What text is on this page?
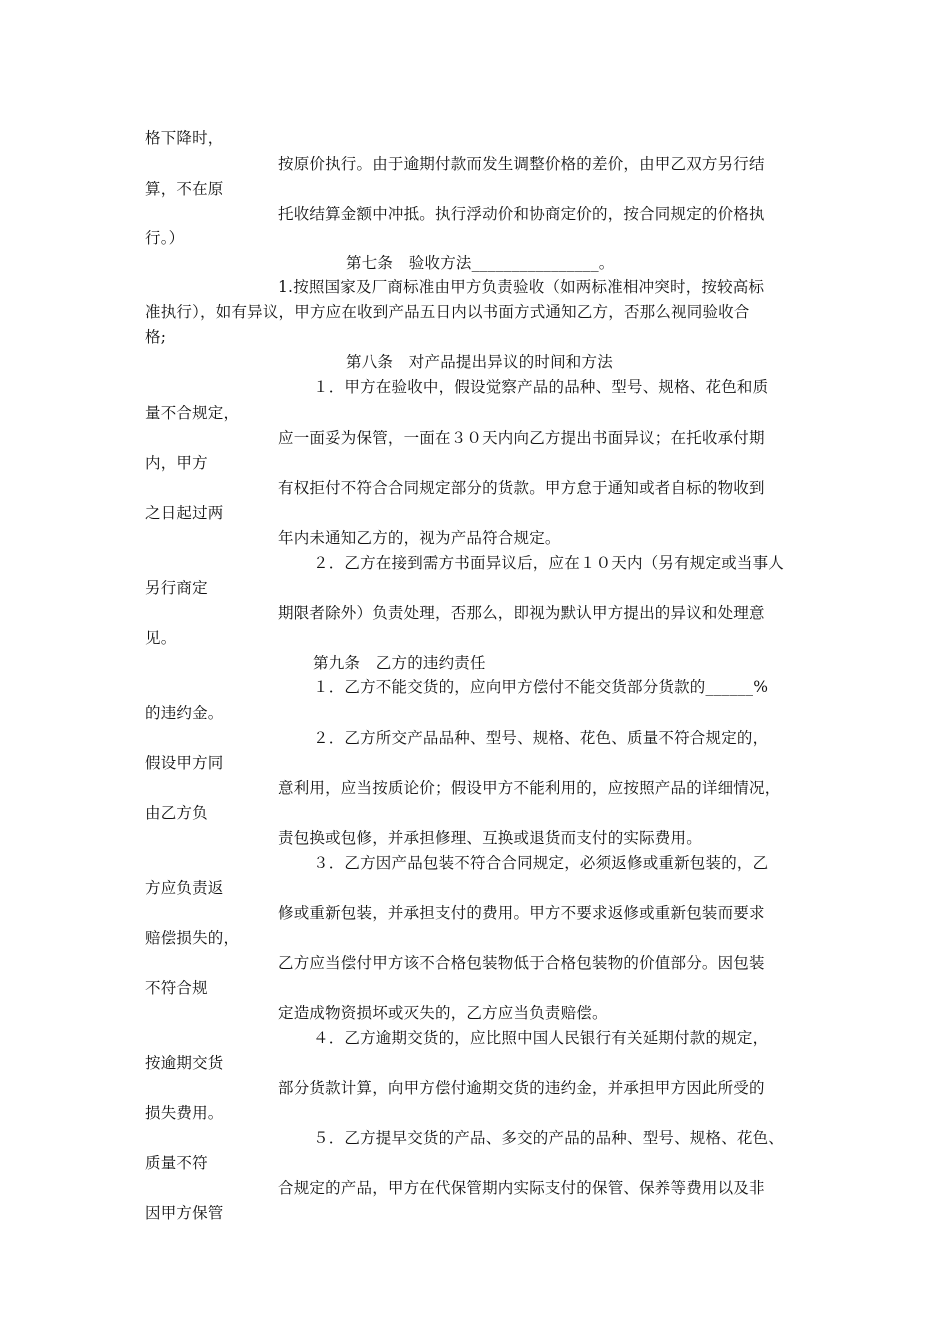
格下降时，
按原价执行。由于逾期付款而发生调整价格的差价，由甲乙双方另行结
算，不在原
托收结算金额中冲抵。执行浮动价和协商定价的，按合同规定的价格执
行。）
第七条　验收方法________________。
1.按照国家及厂商标准由甲方负责验收（如两标准相冲突时，按较高标
准执行），如有异议，甲方应在收到产品五日内以书面方式通知乙方，否那么视同验收合
格;
第八条　对产品提出异议的时间和方法
１．甲方在验收中，假设觉察产品的品种、型号、规格、花色和质
量不合规定，
应一面妥为保管，一面在３０天内向乙方提出书面异议；在托收承付期
内，甲方
有权拒付不符合合同规定部分的货款。甲方怠于通知或者自标的物收到
之日起过两
年内未通知乙方的，视为产品符合规定。
２．乙方在接到需方书面异议后，应在１０天内（另有规定或当事人
另行商定
期限者除外）负责处理，否那么，即视为默认甲方提出的异议和处理意
见。
第九条　乙方的违约责任
１．乙方不能交货的，应向甲方偿付不能交货部分货款的______%
的违约金。
２．乙方所交产品品种、型号、规格、花色、质量不符合规定的，
假设甲方同
意利用，应当按质论价；假设甲方不能利用的，应按照产品的详细情况，
由乙方负
责包换或包修，并承担修理、互换或退货而支付的实际费用。
３．乙方因产品包装不符合合同规定，必须返修或重新包装的，乙
方应负责返
修或重新包装，并承担支付的费用。甲方不要求返修或重新包装而要求
赔偿损失的，
乙方应当偿付甲方该不合格包装物低于合格包装物的价值部分。因包装
不符合规
定造成物资损坏或灭失的，乙方应当负责赔偿。
４．乙方逾期交货的，应比照中国人民银行有关延期付款的规定，
按逾期交货
部分货款计算，向甲方偿付逾期交货的违约金，并承担甲方因此所受的
损失费用。
５．乙方提早交货的产品、多交的产品的品种、型号、规格、花色、
质量不符
合规定的产品，甲方在代保管期内实际支付的保管、保养等费用以及非
因甲方保管
